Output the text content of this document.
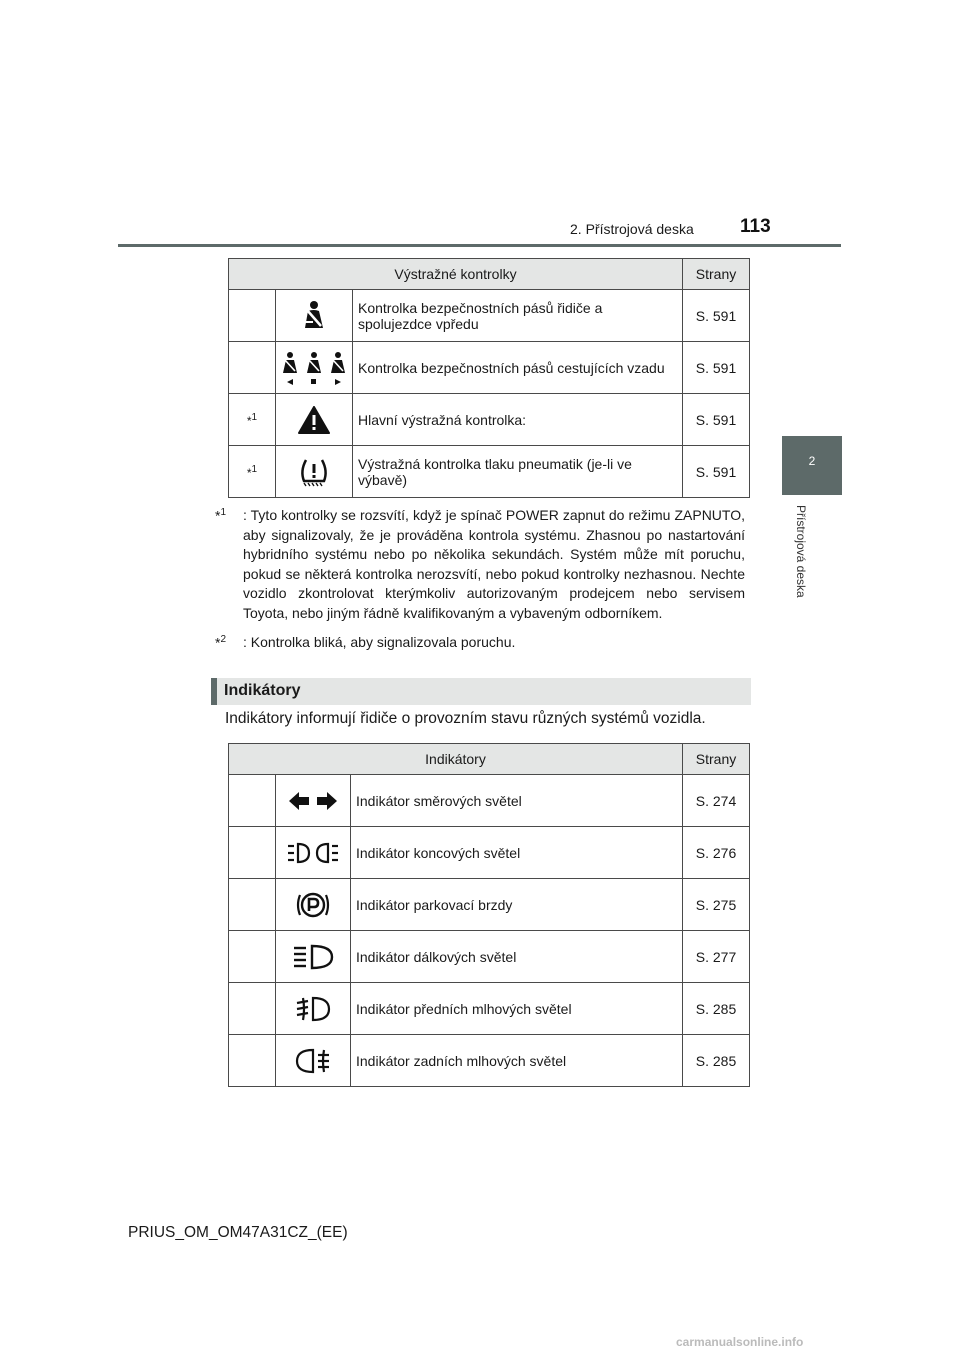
2. Přístrojová deska 113
2
Přístrojová deska
Výstražné kontrolky			Strany

	Kontrolka bezpečnostních pásů řidiče a spolujezdce vpředu	S. 591

	Kontrolka bezpečnostních pásů cestujících vzadu	S. 591
*$^1$		Hlavní výstražná kontrolka:	S. 591
*$^1$		Výstražná kontrolka tlaku pneumatik (je-li ve výbavě)	S. 591
*$^1$ : Tyto kontrolky se rozsvítí, když je spínač POWER zapnut do režimu ZAPNUTO, aby signalizovaly, že je prováděna kontrola systému. Zhasnou po nastartování hybridního systému nebo po několika sekundách. Systém může mít poruchu, pokud se některá kontrolka nerozsvítí, nebo pokud kontrolky nezhasnou. Nechte vozidlo zkontrolovat kterýmkoliv autorizovaným prodejcem nebo servisem Toyota, nebo jiným řádně kvalifikovaným a vybaveným odborníkem.
*$^2$ : Kontrolka bliká, aby signalizovala poruchu.
Indikátory
Indikátory informují řidiče o provozním stavu různých systémů vozidla.
Indikátory			Strany

	Indikátor směrových světel	S. 274

	Indikátor koncových světel	S. 276

	Indikátor parkovací brzdy	S. 275

	Indikátor dálkových světel	S. 277

	Indikátor předních mlhových světel	S. 285

	Indikátor zadních mlhových světel	S. 285
PRIUS_OM_OM47A31CZ_(EE)
carmanualsonline.info
